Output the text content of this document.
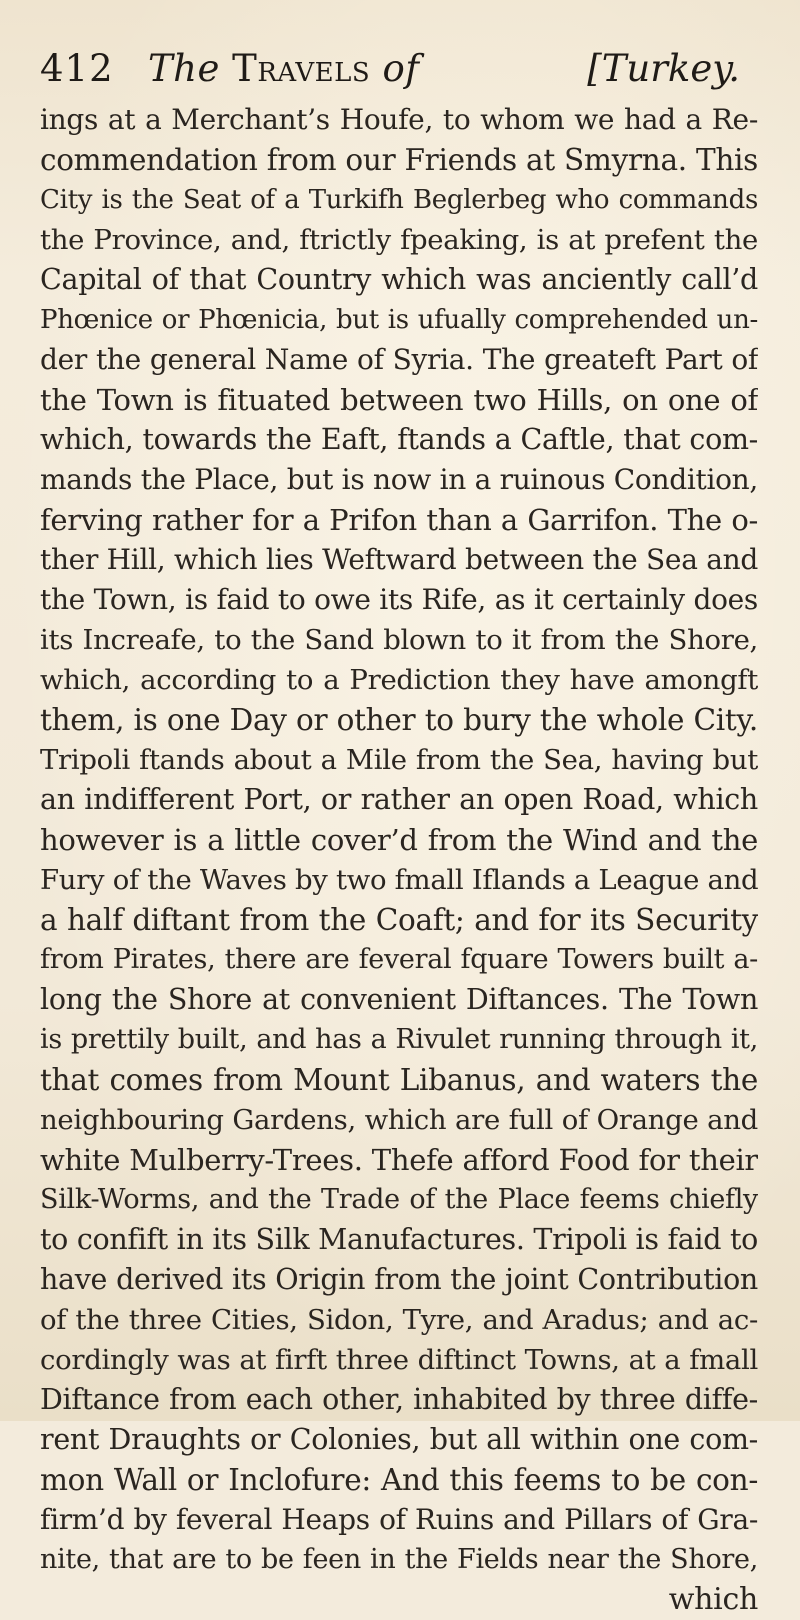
412 The Travels of	[Turkey.
ings at a Merchant’s Houfe, to whom we had a Re-
commendation from our Friends at Smyrna. This
City is the Seat of a Turkifh Beglerbeg who commands
the Province, and, ftrictly fpeaking, is at prefent the
Capital of that Country which was anciently call’d
Phœnice or Phœnicia, but is ufually comprehended un-
der the general Name of Syria. The greateft Part of
the Town is fituated between two Hills, on one of
which, towards the Eaft, ftands a Caftle, that com-
mands the Place, but is now in a ruinous Condition,
ferving rather for a Prifon than a Garrifon. The o-
ther Hill, which lies Weftward between the Sea and
the Town, is faid to owe its Rife, as it certainly does
its Increafe, to the Sand blown to it from the Shore,
which, according to a Prediction they have amongft
them, is one Day or other to bury the whole City.
Tripoli ftands about a Mile from the Sea, having but
an indifferent Port, or rather an open Road, which
however is a little cover’d from the Wind and the
Fury of the Waves by two fmall Iflands a League and
a half diftant from the Coaft; and for its Security
from Pirates, there are feveral fquare Towers built a-
long the Shore at convenient Diftances. The Town
is prettily built, and has a Rivulet running through it,
that comes from Mount Libanus, and waters the
neighbouring Gardens, which are full of Orange and
white Mulberry-Trees. Thefe afford Food for their
Silk-Worms, and the Trade of the Place feems chiefly
to confift in its Silk Manufactures. Tripoli is faid to
have derived its Origin from the joint Contribution
of the three Cities, Sidon, Tyre, and Aradus; and ac-
cordingly was at firft three diftinct Towns, at a fmall
Diftance from each other, inhabited by three diffe-
rent Draughts or Colonies, but all within one com-
mon Wall or Inclofure: And this feems to be con-
firm’d by feveral Heaps of Ruins and Pillars of Gra-
nite, that are to be feen in the Fields near the Shore,
which
